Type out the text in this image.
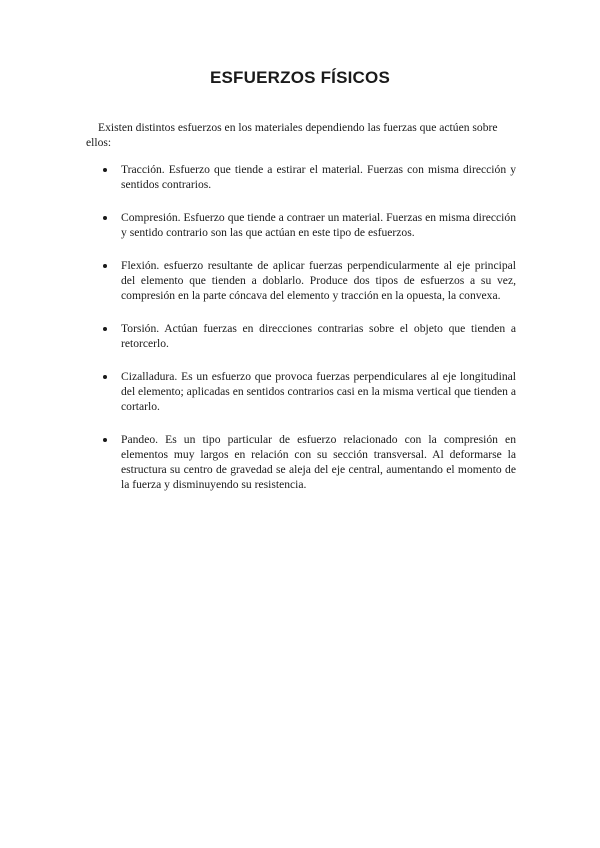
ESFUERZOS FÍSICOS

Existen distintos esfuerzos en los materiales dependiendo las fuerzas que actúen sobre ellos:

Tracción. Esfuerzo que tiende a estirar el material. Fuerzas con misma dirección y sentidos contrarios.
Compresión. Esfuerzo que tiende a contraer un material. Fuerzas en misma dirección y sentido contrario son las que actúan en este tipo de esfuerzos.
Flexión. esfuerzo resultante de aplicar fuerzas perpendicularmente al eje principal del elemento que tienden a doblarlo. Produce dos tipos de esfuerzos a su vez, compresión en la parte cóncava del elemento y tracción en la opuesta, la convexa.
Torsión. Actúan fuerzas en direcciones contrarias sobre el objeto que tienden a retorcerlo.
Cizalladura. Es un esfuerzo que provoca fuerzas perpendiculares al eje longitudinal del elemento; aplicadas en sentidos contrarios casi en la misma vertical que tienden a cortarlo.
Pandeo. Es un tipo particular de esfuerzo relacionado con la compresión en elementos muy largos en relación con su sección transversal. Al deformarse la estructura su centro de gravedad se aleja del eje central, aumentando el momento de la fuerza y disminuyendo su resistencia.
